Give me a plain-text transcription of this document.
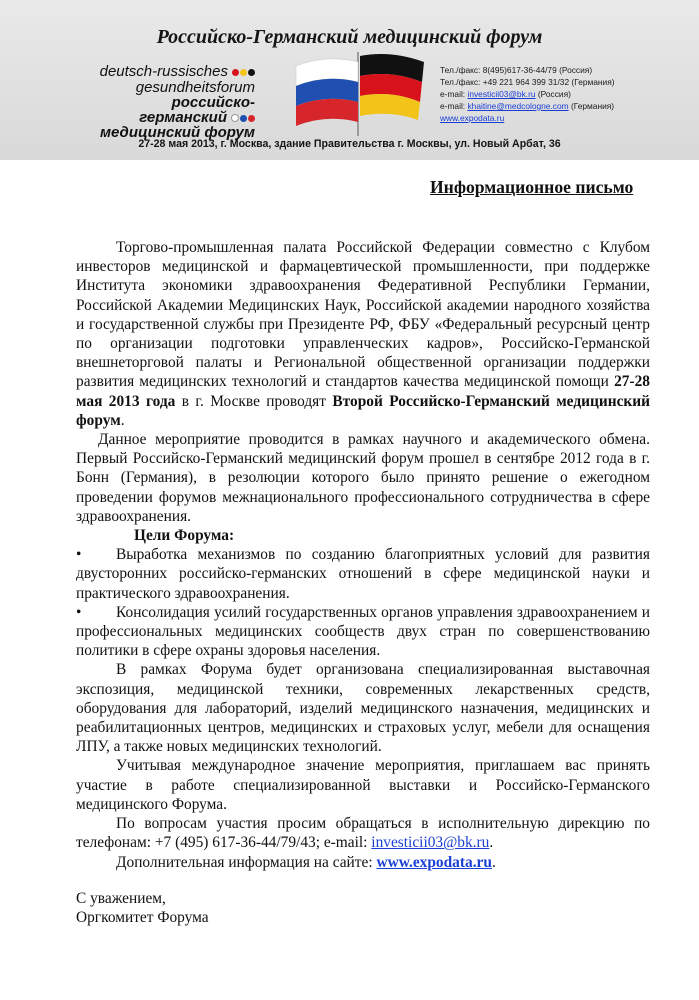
Российско-Германский медицинский форум
deutsch-russisches
gesundheitsforum
российско-германский
медицинский форум
Тел./факс: 8(495)617-36-44/79 (Россия)
Тел./факс: +49 221 964 399 31/32 (Германия)
e-mail: investicii03@bk.ru (Россия)
e-mail: khaitine@medcologne.com (Германия)
www.expodata.ru
27-28 мая 2013, г. Москва, здание Правительства г. Москвы, ул. Новый Арбат, 36
Информационное письмо

Торгово-промышленная палата Российской Федерации совместно с Клубом инвесторов медицинской и фармацевтической промышленности, при поддержке Института экономики здравоохранения Федеративной Республики Германии, Российской Академии Медицинских Наук, Российской академии народного хозяйства и государственной службы при Президенте РФ, ФБУ «Федеральный ресурсный центр по организации подготовки управленческих кадров», Российско-Германской внешнеторговой палаты и Региональной общественной организации поддержки развития медицинских технологий и стандартов качества медицинской помощи 27-28 мая 2013 года в г. Москве проводят Второй Российско-Германский медицинский форум.

Данное мероприятие проводится в рамках научного и академического обмена. Первый Российско-Германский медицинский форум прошел в сентябре 2012 года в г. Бонн (Германия), в резолюции которого было принято решение о ежегодном проведении форумов межнационального профессионального сотрудничества в сфере здравоохранения.

Цели Форума:

•	Выработка механизмов по созданию благоприятных условий для развития двусторонних российско-германских отношений в сфере медицинской науки и практического здравоохранения.

•	Консолидация усилий государственных органов управления здравоохранением и профессиональных медицинских сообществ двух стран по совершенствованию политики в сфере охраны здоровья населения.

В рамках Форума будет организована специализированная выставочная экспозиция, медицинской техники, современных лекарственных средств, оборудования для лабораторий, изделий медицинского назначения, медицинских и реабилитационных центров, медицинских и страховых услуг, мебели для оснащения ЛПУ, а также новых медицинских технологий.

Учитывая международное значение мероприятия, приглашаем вас принять участие в работе специализированной выставки и Российско-Германского медицинского Форума.

По вопросам участия просим обращаться в исполнительную дирекцию по телефонам: +7 (495) 617-36-44/79/43; e-mail: investicii03@bk.ru.

Дополнительная информация на сайте: www.expodata.ru.

С уважением,

Оргкомитет Форума
